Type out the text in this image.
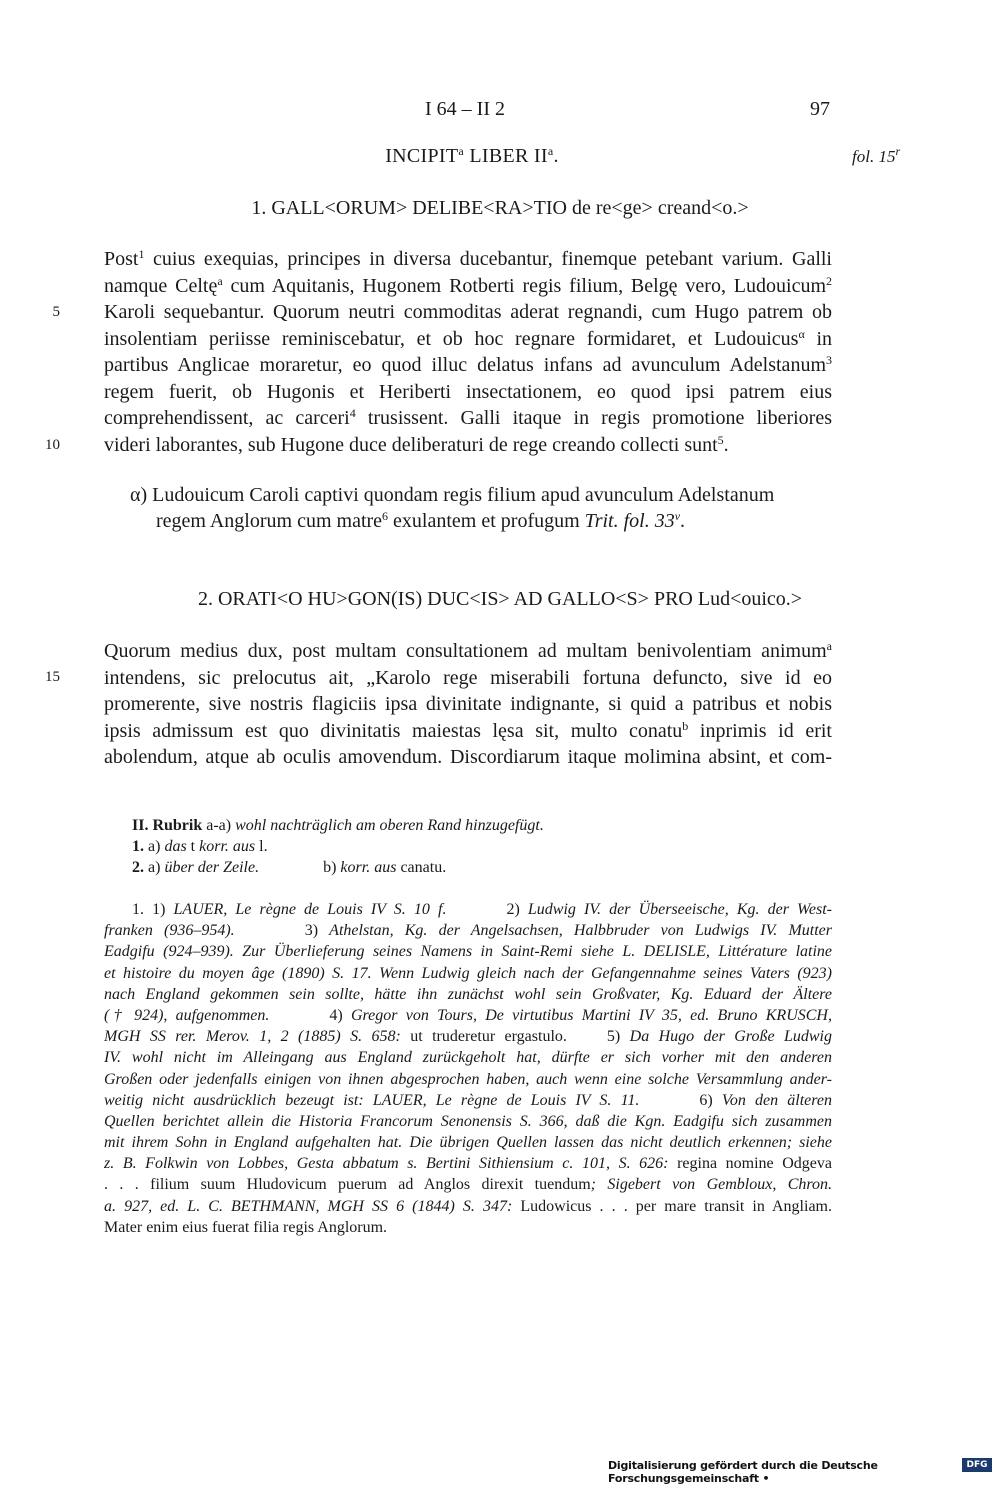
I 64 – II 2	97
INCIPIT$^a$ LIBER $II^a$.	fol. 15$^r$
1. GALL<ORUM> DELIBE<RA>TIO de re<ge> creand<o.>
Post$^1$ cuius exequias, principes in diversa ducebantur, finemque petebant varium. Galli
namque Celtę$^a$ cum Aquitanis, Hugonem Rotberti regis filium, Belgę vero, Ludouicum$^2$
Karoli sequebantur. Quorum neutri commoditas aderat regnandi, cum Hugo patrem ob
insolentiam periisse reminiscebatur, et ob hoc regnare formidaret, et Ludouicus$^\alpha$ in
partibus Anglicae moraretur, eo quod illuc delatus infans ad avunculum Adelstanum$^3$
regem fuerit, ob Hugonis et Heriberti insectationem, eo quod ipsi patrem eius
comprehendissent, ac carceri$^4$ trusissent. Galli itaque in regis promotione liberiores
videri laborantes, sub Hugone duce deliberaturi de rege creando collecti sunt$^5$.
5
10
15
α) Ludouicum Caroli captivi quondam regis filium apud avunculum Adelstanum
regem Anglorum cum matre$^6$ exulantem et profugum Trit. fol. 33$^v$.
2. ORATI<O HU>GON(IS) DUC<IS> AD GALLO<S> PRO Lud<ouico.>
Quorum medius dux, post multam consultationem ad multam benivolentiam animum$^a$
intendens, sic prelocutus ait, „Karolo rege miserabili fortuna defuncto, sive id eo
promerente, sive nostris flagiciis ipsa divinitate indignante, si quid a patribus et nobis
ipsis admissum est quo divinitatis maiestas lęsa sit, multo conatu$^b$ inprimis id erit
abolendum, atque ab oculis amovendum. Discordiarum itaque molimina absint, et com-
II. Rubrik a-a) wohl nachträglich am oberen Rand hinzugefügt.
1. a) das t korr. aus l.
2. a) über der Zeile.	b) korr. aus canatu.
1. 1) LAUER, Le règne de Louis IV S. 10 f.	2) Ludwig IV. der Überseeische, Kg. der West-
franken (936–954).	3) Athelstan, Kg. der Angelsachsen, Halbbruder von Ludwigs IV. Mutter
Eadgifu (924–939). Zur Überlieferung seines Namens in Saint-Remi siehe L. DELISLE, Littérature latine
et histoire du moyen âge (1890) S. 17. Wenn Ludwig gleich nach der Gefangennahme seines Vaters (923)
nach England gekommen sein sollte, hätte ihn zunächst wohl sein Großvater, Kg. Eduard der Ältere
(† 924), aufgenommen.	4) Gregor von Tours, De virtutibus Martini IV 35, ed. Bruno KRUSCH,
MGH SS rer. Merov. 1, 2 (1885) S. 658: ut truderetur ergastulo.	5) Da Hugo der Große Ludwig
IV. wohl nicht im Alleingang aus England zurückgeholt hat, dürfte er sich vorher mit den anderen
Großen oder jedenfalls einigen von ihnen abgesprochen haben, auch wenn eine solche Versammlung ander-
weitig nicht ausdrücklich bezeugt ist: LAUER, Le règne de Louis IV S. 11.	6) Von den älteren
Quellen berichtet allein die Historia Francorum Senonensis S. 366, daß die Kgn. Eadgifu sich zusammen
mit ihrem Sohn in England aufgehalten hat. Die übrigen Quellen lassen das nicht deutlich erkennen; siehe
z. B. Folkwin von Lobbes, Gesta abbatum s. Bertini Sithiensium c. 101, S. 626: regina nomine Odgeva
. . . filium suum Hludovicum puerum ad Anglos direxit tuendum; Sigebert von Gembloux, Chron.
a. 927, ed. L. C. BETHMANN, MGH SS 6 (1844) S. 347: Ludowicus . . . per mare transit in Angliam.
Mater enim eius fuerat filia regis Anglorum.
Digitalisierung gefördert durch die Deutsche Forschungsgemeinschaft •
DFG
